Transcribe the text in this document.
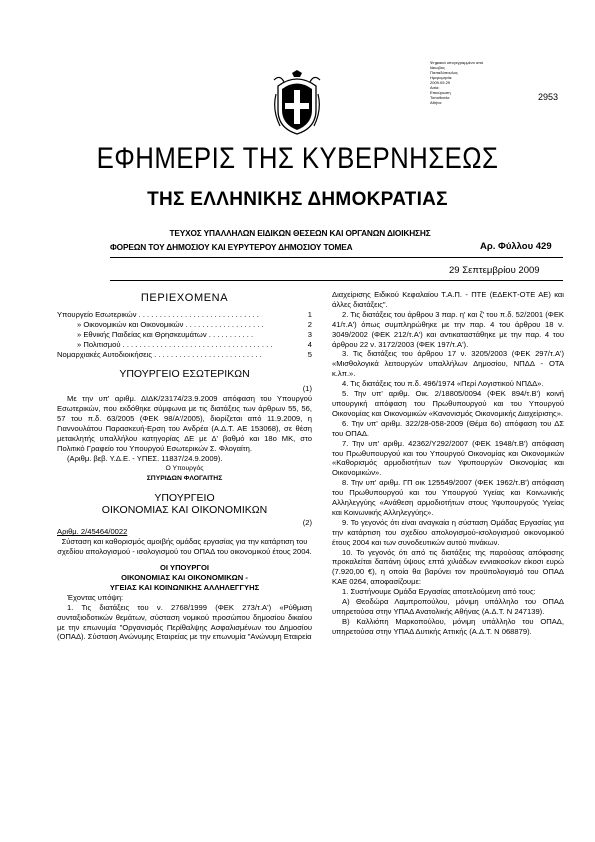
Ψηφιακά υπογεγραμμένο από
Ιάκωβος
Παπαδόπουλος
Ημερομηνία:
2009.09.29
Αιτία:
Επικύρωση
Τοποθεσία:
Αθήνα
2953
ΕΦΗΜΕΡΙΣ ΤΗΣ ΚΥΒΕΡΝΗΣΕΩΣ
ΤΗΣ ΕΛΛΗΝΙΚΗΣ ΔΗΜΟΚΡΑΤΙΑΣ
ΤΕΥΧΟΣ ΥΠΑΛΛΗΛΩΝ ΕΙΔΙΚΩΝ ΘΕΣΕΩΝ ΚΑΙ ΟΡΓΑΝΩΝ ΔΙΟΙΚΗΣΗΣ
ΦΟΡΕΩΝ ΤΟΥ ΔΗΜΟΣΙΟΥ ΚΑΙ ΕΥΡΥΤΕΡΟΥ ΔΗΜΟΣΙΟΥ ΤΟΜΕΑ	Αρ. Φύλλου 429
29 Σεπτεμβρίου 2009
ΠΕΡΙΕΧΟΜΕΝΑ
Υπουργείο Εσωτερικών . . . . . . . . . . . . . . . . . . . . . . . . . . . . .	1
» Οικονομικών και Οικονομικών . . . . . . . . . . . . . . . . . . .	2
» Εθνικής Παιδείας και Θρησκευμάτων . . . . . . . . . . .	3
» Πολιτισμού . . . . . . . . . . . . . . . . . . . . . . . . . . . . . . . . . . . .	4
Νομαρχιακές Αυτοδιοικήσεις . . . . . . . . . . . . . . . . . . . . . . . . . .	5
ΥΠΟΥΡΓΕΙΟ ΕΣΩΤΕΡΙΚΩΝ
(1)
Με την υπ' αριθμ. ΔΙΔΚ/23174/23.9.2009 απόφαση του Υπουργού Εσωτερικών, που εκδόθηκε σύμφωνα με τις διατάξεις των άρθρων 55, 56, 57 του π.δ. 63/2005 (ΦΕΚ 98/Α'/2005), διορίζεται από 11.9.2009, η Γιαννουλάτου Παρασκευή-Ερση του Ανδρέα (Α.Δ.Τ. ΑΕ 153068), σε θέση μετακλητής υπαλλήλου κατηγορίας ΔΕ με Δ' βαθμό και 18ο ΜΚ, στο Πολιτικό Γραφείο του Υπουργού Εσωτερικών Σ. Φλογαίτη.
(Αριθμ. βεβ. Υ.Δ.Ε. - ΥΠΕΣ. 11837/24.9.2009).
Ο Υπουργός
ΣΠΥΡΙΔΩΝ ΦΛΟΓΑΙΤΗΣ
ΥΠΟΥΡΓΕΙΟ
ΟΙΚΟΝΟΜΙΑΣ ΚΑΙ ΟΙΚΟΝΟΜΙΚΩΝ
(2)
Αριθμ. 2/45464/0022
Σύσταση και καθορισμός αμοιβής ομάδας εργασίας για την κατάρτιση του σχεδίου απολογισμού - ισολογισμού του ΟΠΑΔ του οικονομικού έτους 2004.
ΟΙ ΥΠΟΥΡΓΟΙ
ΟΙΚΟΝΟΜΙΑΣ ΚΑΙ ΟΙΚΟΝΟΜΙΚΩΝ -
ΥΓΕΙΑΣ ΚΑΙ ΚΟΙΝΩΝΙΚΗΣ ΑΛΛΗΛΕΓΓΥΗΣ
Έχοντας υπόψη:
1. Τις διατάξεις του ν. 2768/1999 (ΦΕΚ 273/τ.Α') «Ρύθμιση συνταξιοδοτικών θεμάτων, σύσταση νομικού προσώπου δημοσίου δικαίου με την επωνυμία "Οργανισμός Περίθαλψης Ασφαλισμένων του Δημοσίου (ΟΠΑΔ). Σύσταση Ανώνυμης Εταιρείας με την επωνυμία "Ανώνυμη Εταιρεία
Διαχείρισης Ειδικού Κεφαλαίου Τ.Α.Π. - ΠΤΕ (ΕΔΕΚΤ-ΟΤΕ ΑΕ) και άλλες διατάξεις".
2. Τις διατάξεις του άρθρου 3 παρ. η' και ζ' του π.δ. 52/2001 (ΦΕΚ 41/τ.Α') όπως συμπληρώθηκε με την παρ. 4 του άρθρου 18 ν. 3049/2002 (ΦΕΚ 212/τ.Α') και αντικαταστάθηκε με την παρ. 4 του άρθρου 22 ν. 3172/2003 (ΦΕΚ 197/τ.Α').
3. Τις διατάξεις του άρθρου 17 ν. 3205/2003 (ΦΕΚ 297/τ.Α') «Μισθολογικά λειτουργών υπαλλήλων Δημοσίου, ΝΠΔΔ - ΟΤΑ κ.λπ.».
4. Τις διατάξεις του π.δ. 496/1974 «Περί Λογιστικού ΝΠΔΔ».
5. Την υπ' αριθμ. Οικ. 2/18805/0094 (ΦΕΚ 894/τ.Β') κοινή υπουργική απόφαση του Πρωθυπουργού και του Υπουργού Οικονομίας και Οικονομικών «Κανονισμός Οικονομικής Διαχείρισης».
6. Την υπ' αριθμ. 322/28-058-2009 (Θέμα 6ο) απόφαση του ΔΣ του ΟΠΑΔ.
7. Την υπ' αριθμ. 42362/Y292/2007 (ΦΕΚ 1948/τ.Β') απόφαση του Πρωθυπουργού και του Υπουργού Οικονομίας και Οικονομικών «Καθορισμός αρμοδιοτήτων των Υφυπουργών Οικονομίας και Οικονομικών».
8. Την υπ' αριθμ. ΓΠ οικ 125549/2007 (ΦΕΚ 1962/τ.Β') απόφαση του Πρωθυπουργού και του Υπουργού Υγείας και Κοινωνικής Αλληλεγγύης «Ανάθεση αρμοδιοτήτων στους Υφυπουργούς Υγείας και Κοινωνικής Αλληλεγγύης».
9. Το γεγονός ότι είναι αναγκαία η σύσταση Ομάδας Εργασίας για την κατάρτιση του σχεδίου απολογισμού-ισολογισμού οικονομικού έτους 2004 και των συνοδευτικών αυτού πινάκων.
10. Το γεγονός ότι από τις διατάξεις της παρούσας απόφασης προκαλείται δαπάνη ύψους επτά χιλιάδων εννιακοσίων είκοσι ευρώ (7.920,00 €), η οποία θα βαρύνει τον προϋπολογισμό του ΟΠΑΔ ΚΑΕ 0264, αποφασίζουμε:
1. Συστήνουμε Ομάδα Εργασίας αποτελούμενη από τους:
Α) Θεοδώρα Λαμπροπούλου, μόνιμη υπάλληλο του ΟΠΑΔ υπηρετούσα στην ΥΠΑΔ Ανατολικής Αθήνας (Α.Δ.Τ. Ν 247139).
Β) Καλλιόπη Μαρκοπούλου, μόνιμη υπάλληλο του ΟΠΑΔ, υπηρετούσα στην ΥΠΑΔ Δυτικής Αττικής (Α.Δ.Τ. Ν 068879).
